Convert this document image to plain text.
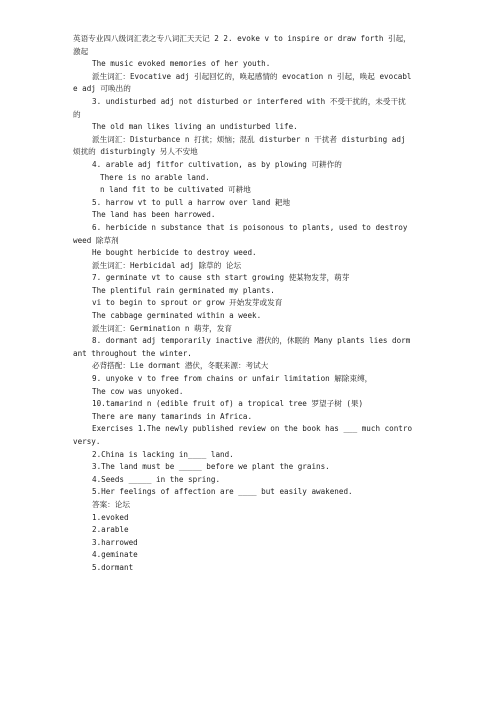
英语专业四八级词汇表之专八词汇天天记 2 2. evoke v to inspire or draw forth 引起，激起

The music evoked memories of her youth.

派生词汇：Evocative adj 引起回忆的，唤起感情的 evocation n 引起，唤起 evocable adj 可唤出的

3. undisturbed adj not disturbed or interfered with 不受干扰的，未受干扰的

The old man likes living an undisturbed life.

派生词汇：Disturbance n 打扰；烦恼；混乱 disturber n 干扰者 disturbing adj 烦扰的 disturbingly 另人不安地

4. arable adj fitfor cultivation, as by plowing 可耕作的

There is no arable land.

n land fit to be cultivated 可耕地

5. harrow vt to pull a harrow over land 耙地

The land has been harrowed.

6. herbicide n substance that is poisonous to plants, used to destroy weed 除草剂

He bought herbicide to destroy weed.

派生词汇：Herbicidal adj 除草的 论坛

7. germinate vt to cause sth start growing 使某物发芽，萌芽

The plentiful rain germinated my plants.

vi to begin to sprout or grow 开始发芽或发育

The cabbage germinated within a week.

派生词汇：Germination n 萌芽，发育

8. dormant adj temporarily inactive 潜伏的，休眠的 Many plants lies dormant throughout the winter.

必背搭配：Lie dormant 潜伏，冬眠来源：考试大

9. unyoke v to free from chains or unfair limitation 解除束缚，

The cow was unyoked.

10.tamarind n (edible fruit of) a tropical tree 罗望子树 (果)

There are many tamarinds in Africa.

Exercises 1.The newly published review on the book has ___ much controversy.

2.China is lacking in____ land.

3.The land must be _____ before we plant the grains.

4.Seeds _____ in the spring.

5.Her feelings of affection are ____ but easily awakened.

答案：论坛

1.evoked

2.arable

3.harrowed

4.geminate

5.dormant
